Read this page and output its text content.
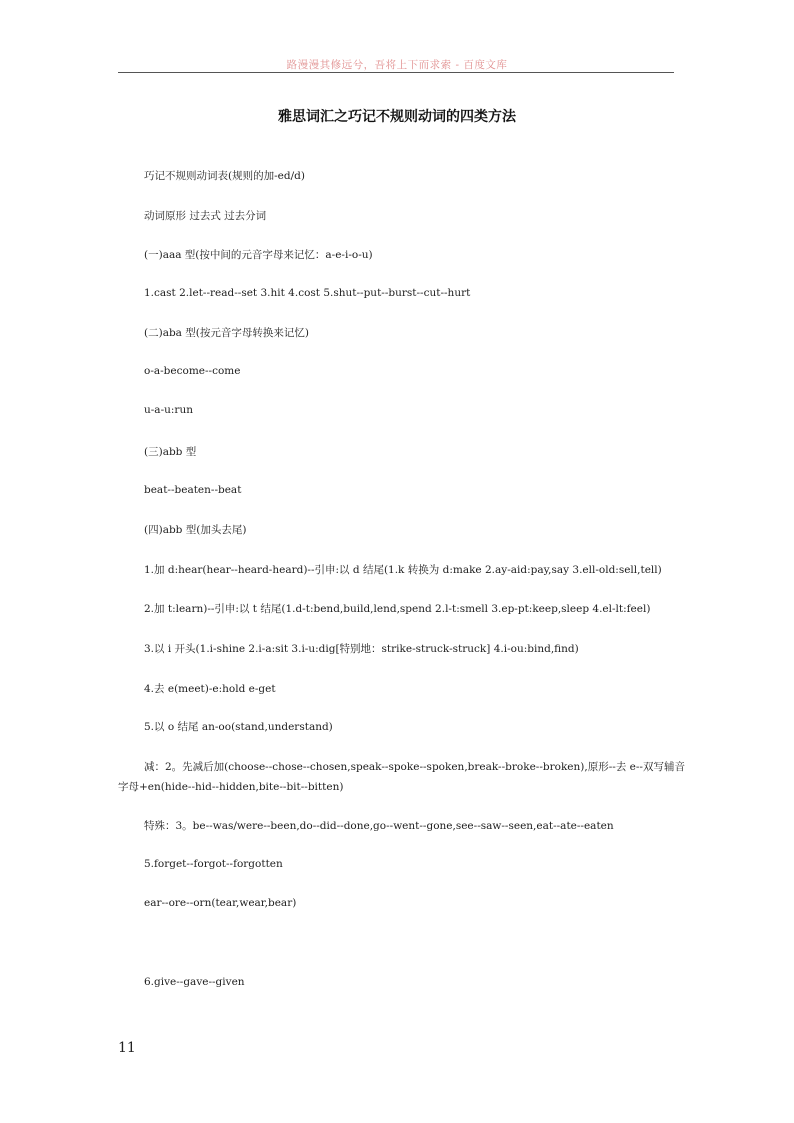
路漫漫其修远兮，吾将上下而求索 - 百度文库
雅思词汇之巧记不规则动词的四类方法
巧记不规则动词表(规则的加-ed/d)
动词原形 过去式 过去分词
(一)aaa 型(按中间的元音字母来记忆：a-e-i-o-u)
1.cast 2.let--read--set 3.hit 4.cost 5.shut--put--burst--cut--hurt
(二)aba 型(按元音字母转换来记忆)
o-a-become--come
u-a-u:run
(三)abb 型
beat--beaten--beat
(四)abb 型(加头去尾)
1.加 d:hear(hear--heard-heard)--引申:以 d 结尾(1.k 转换为 d:make 2.ay-aid:pay,say 3.ell-old:sell,tell)
2.加 t:learn)--引申:以 t 结尾(1.d-t:bend,build,lend,spend 2.l-t:smell 3.ep-pt:keep,sleep 4.el-lt:feel)
3.以 i 开头(1.i-shine 2.i-a:sit 3.i-u:dig[特别地：strike-struck-struck] 4.i-ou:bind,find)
4.去 e(meet)-e:hold e-get
5.以 o 结尾 an-oo(stand,understand)
减：2。先减后加(choose--chose--chosen,speak--spoke--spoken,break--broke--broken),原形--去 e--双写辅音
字母+en(hide--hid--hidden,bite--bit--bitten)
特殊：3。be--was/were--been,do--did--done,go--went--gone,see--saw--seen,eat--ate--eaten
5.forget--forgot--forgotten
ear--ore--orn(tear,wear,bear)
6.give--gave--given
11
